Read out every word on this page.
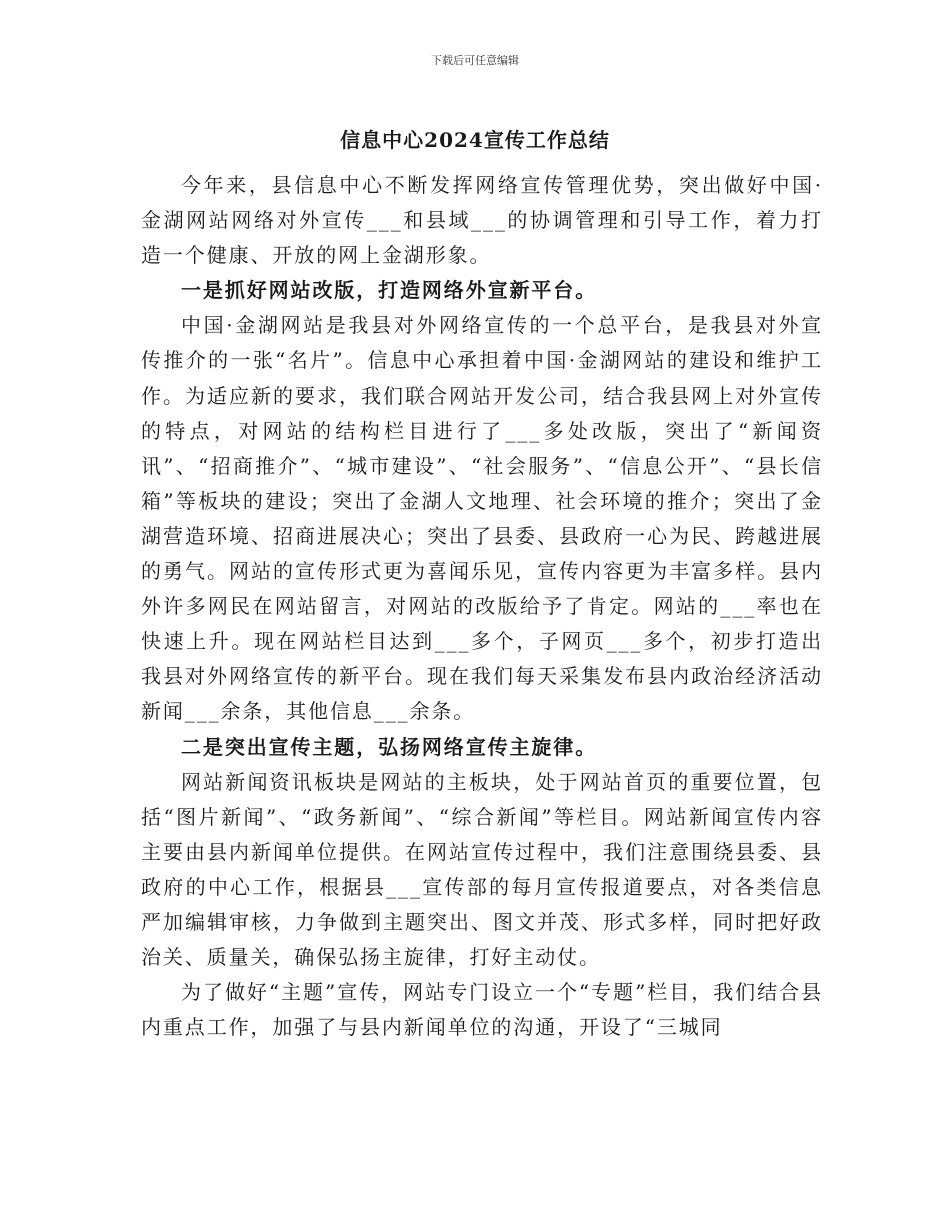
下载后可任意编辑
信息中心2024宣传工作总结

今年来，县信息中心不断发挥网络宣传管理优势，突出做好中国·金湖网站网络对外宣传___和县域___的协调管理和引导工作，着力打造一个健康、开放的网上金湖形象。

一是抓好网站改版，打造网络外宣新平台。

中国·金湖网站是我县对外网络宣传的一个总平台，是我县对外宣传推介的一张“名片”。信息中心承担着中国·金湖网站的建设和维护工作。为适应新的要求，我们联合网站开发公司，结合我县网上对外宣传的特点，对网站的结构栏目进行了___多处改版，突出了“新闻资讯”、“招商推介”、“城市建设”、“社会服务”、“信息公开”、“县长信箱”等板块的建设；突出了金湖人文地理、社会环境的推介；突出了金湖营造环境、招商进展决心；突出了县委、县政府一心为民、跨越进展的勇气。网站的宣传形式更为喜闻乐见，宣传内容更为丰富多样。县内外许多网民在网站留言，对网站的改版给予了肯定。网站的___率也在快速上升。现在网站栏目达到___多个，子网页___多个，初步打造出我县对外网络宣传的新平台。现在我们每天采集发布县内政治经济活动新闻___余条，其他信息___余条。

二是突出宣传主题，弘扬网络宣传主旋律。

网站新闻资讯板块是网站的主板块，处于网站首页的重要位置，包括“图片新闻”、“政务新闻”、“综合新闻”等栏目。网站新闻宣传内容主要由县内新闻单位提供。在网站宣传过程中，我们注意围绕县委、县政府的中心工作，根据县___宣传部的每月宣传报道要点，对各类信息严加编辑审核，力争做到主题突出、图文并茂、形式多样，同时把好政治关、质量关，确保弘扬主旋律，打好主动仗。

为了做好“主题”宣传，网站专门设立一个“专题”栏目，我们结合县内重点工作，加强了与县内新闻单位的沟通，开设了“三城同
